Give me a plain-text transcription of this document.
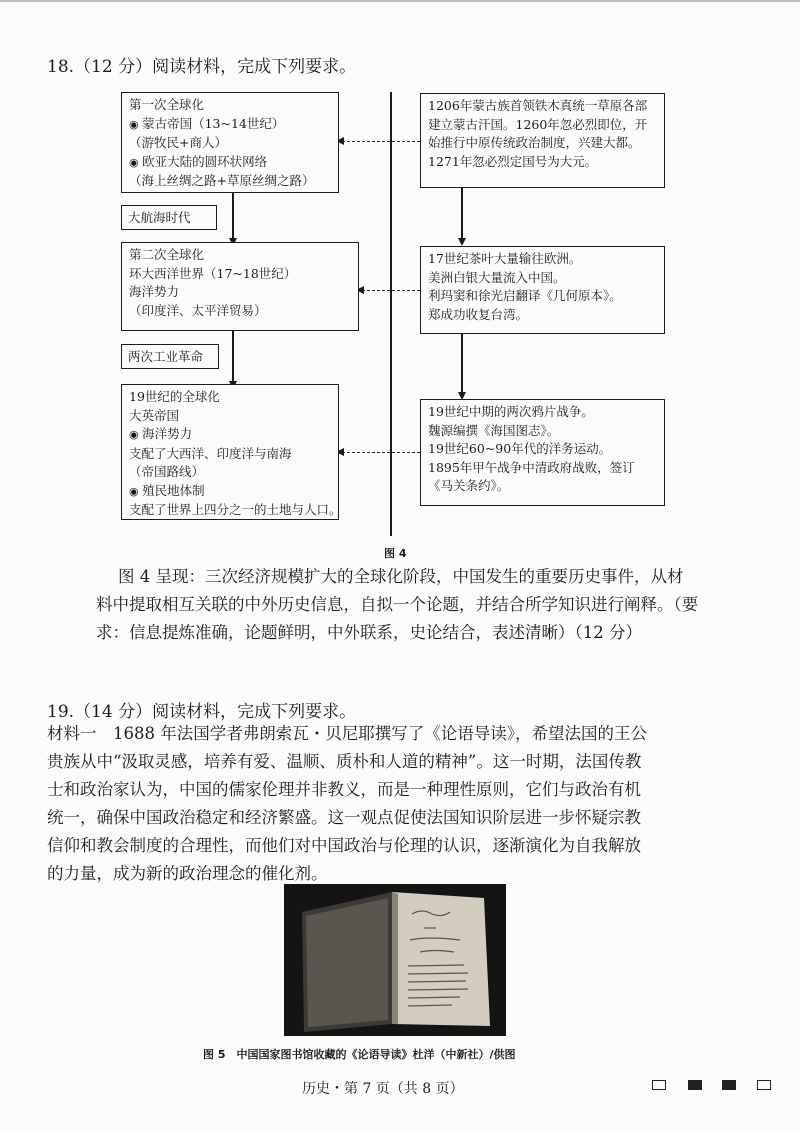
18.（12 分）阅读材料，完成下列要求。
第一次全球化
◉ 蒙古帝国（13~14世纪）
（游牧民+商人）
◉ 欧亚大陆的圆环状网络
（海上丝绸之路+草原丝绸之路）
大航海时代
第二次全球化
环大西洋世界（17~18世纪）
海洋势力
（印度洋、太平洋贸易）
两次工业革命
19世纪的全球化
大英帝国
◉ 海洋势力
支配了大西洋、印度洋与南海
（帝国路线）
◉ 殖民地体制
支配了世界上四分之一的土地与人口。
1206年蒙古族首领铁木真统一草原各部
建立蒙古汗国。1260年忽必烈即位，开
始推行中原传统政治制度，兴建大都。
1271年忽必烈定国号为大元。
17世纪茶叶大量输往欧洲。
美洲白银大量流入中国。
利玛窦和徐光启翻译《几何原本》。
郑成功收复台湾。
19世纪中期的两次鸦片战争。
魏源编撰《海国图志》。
19世纪60~90年代的洋务运动。
1895年甲午战争中清政府战败，签订
《马关条约》。
图 4
图 4 呈现：三次经济规模扩大的全球化阶段，中国发生的重要历史事件，从材
料中提取相互关联的中外历史信息，自拟一个论题，并结合所学知识进行阐释。（要
求：信息提炼准确，论题鲜明，中外联系，史论结合，表述清晰）（12 分）
19.（14 分）阅读材料，完成下列要求。
材料一　1688 年法国学者弗朗索瓦・贝尼耶撰写了《论语导读》，希望法国的王公
贵族从中“汲取灵感，培养有爱、温顺、质朴和人道的精神”。这一时期，法国传教
士和政治家认为，中国的儒家伦理并非教义，而是一种理性原则，它们与政治有机
统一，确保中国政治稳定和经济繁盛。这一观点促使法国知识阶层进一步怀疑宗教
信仰和教会制度的合理性，而他们对中国政治与伦理的认识，逐渐演化为自我解放
的力量，成为新的政治理念的催化剂。
图 5　中国国家图书馆收藏的《论语导读》杜洋（中新社）/供图
历史・第 7 页（共 8 页）
